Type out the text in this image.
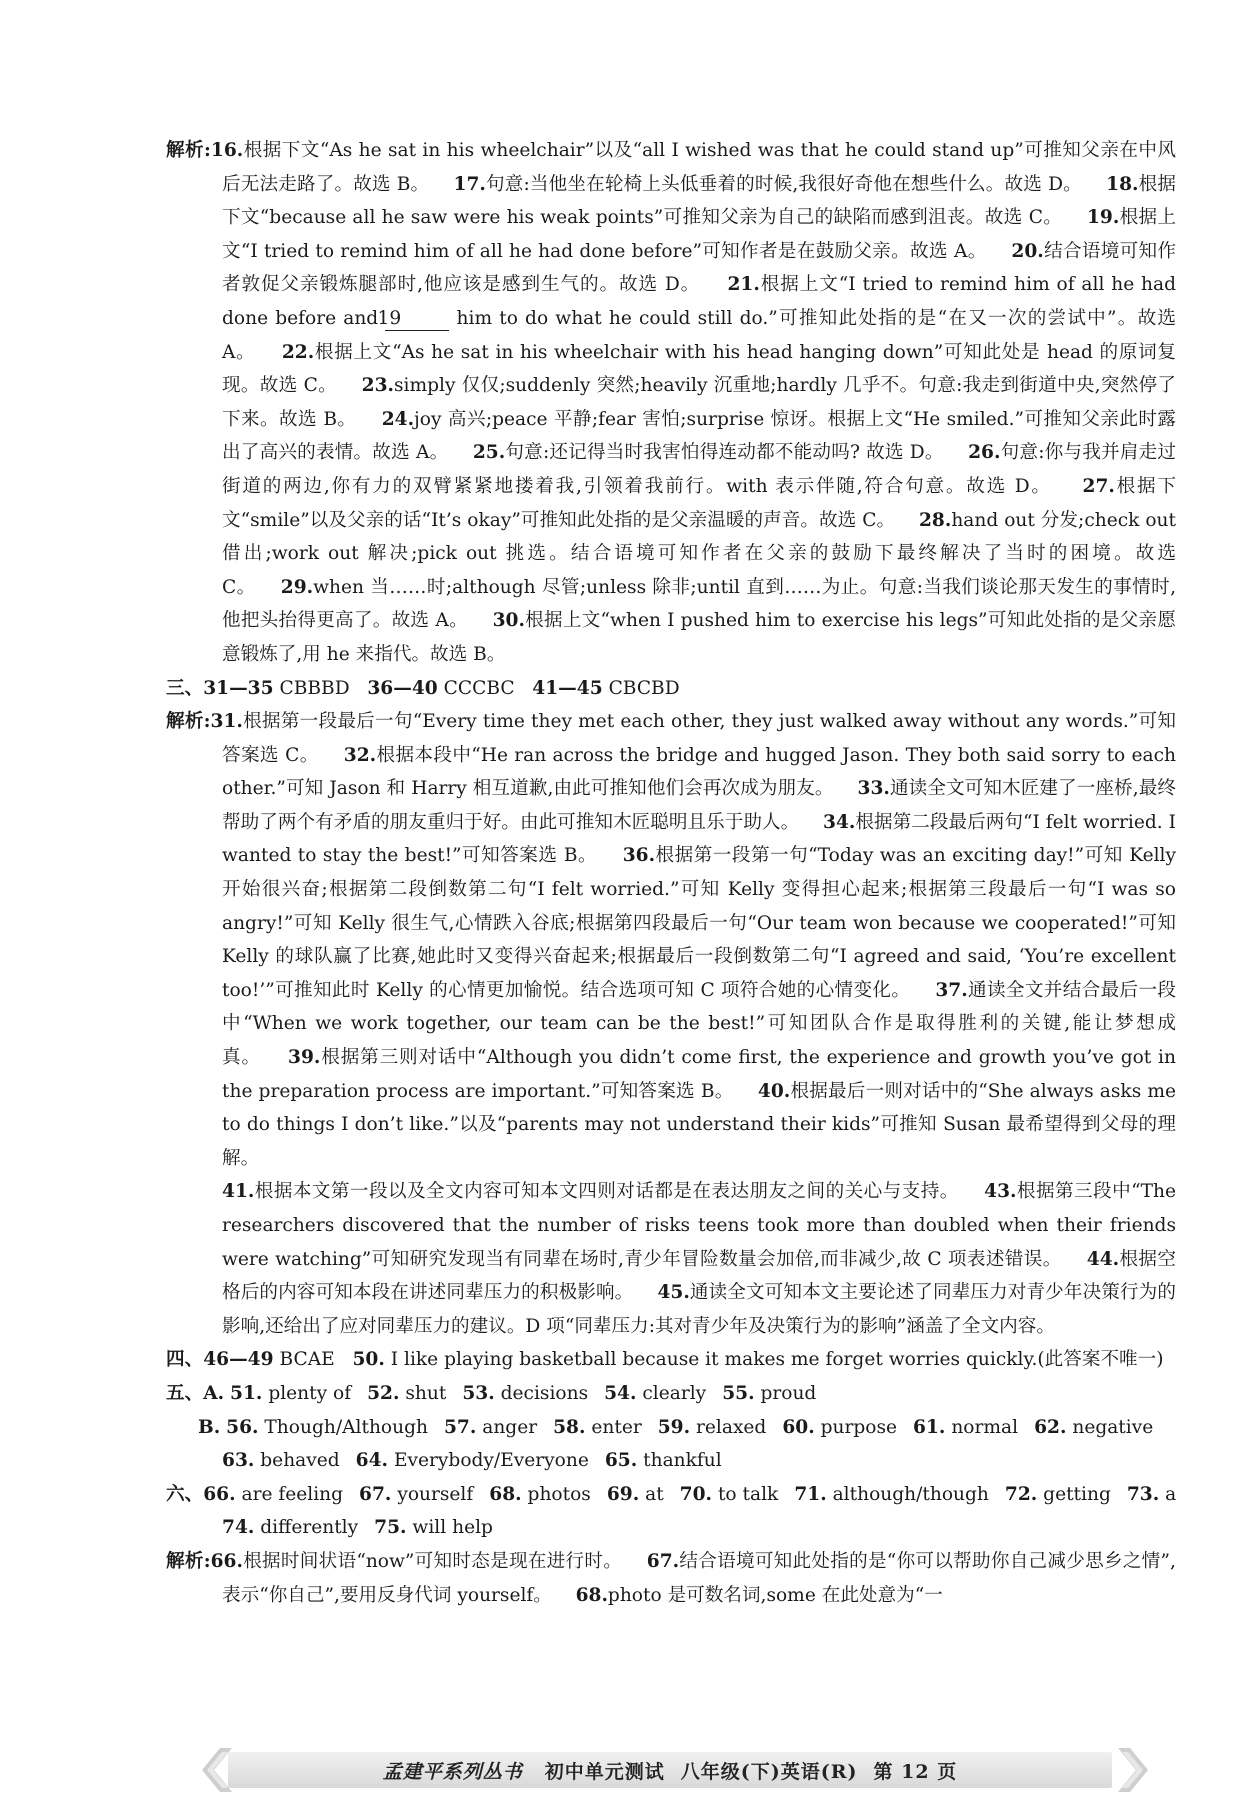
解析:16.根据下文“As he sat in his wheelchair”以及“all I wished was that he could stand up”可推知父亲在中风后无法走路了。故选 B。 17.句意:当他坐在轮椅上头低垂着的时候,我很好奇他在想些什么。故选 D。 18.根据下文“because all he saw were his weak points”可推知父亲为自己的缺陷而感到沮丧。故选 C。 19.根据上文“I tried to remind him of all he had done before”可知作者是在鼓励父亲。故选 A。 20.结合语境可知作者敦促父亲锻炼腿部时,他应该是感到生气的。故选 D。 21.根据上文“I tried to remind him of all he had done before and 19	him to do what he could still do.”可推知此处指的是“在又一次的尝试中”。故选 A。 22.根据上文“As he sat in his wheelchair with his head hanging down”可知此处是 head 的原词复现。故选 C。 23.simply 仅仅;suddenly 突然;heavily 沉重地;hardly 几乎不。句意:我走到街道中央,突然停了下来。故选 B。 24.joy 高兴;peace 平静;fear 害怕;surprise 惊讶。根据上文“He smiled.”可推知父亲此时露出了高兴的表情。故选 A。 25.句意:还记得当时我害怕得连动都不能动吗? 故选 D。 26.句意:你与我并肩走过街道的两边,你有力的双臂紧紧地搂着我,引领着我前行。with 表示伴随,符合句意。故选 D。 27.根据下文“smile”以及父亲的话“It’s okay”可推知此处指的是父亲温暖的声音。故选 C。 28.hand out 分发;check out 借出;work out 解决;pick out 挑选。结合语境可知作者在父亲的鼓励下最终解决了当时的困境。故选 C。 29.when 当……时;although 尽管;unless 除非;until 直到……为止。句意:当我们谈论那天发生的事情时,他把头抬得更高了。故选 A。 30.根据上文“when I pushed him to exercise his legs”可知此处指的是父亲愿意锻炼了,用 he 来指代。故选 B。

三、31—35 CBBBD 36—40 CCCBC 41—45 CBCBD

解析:31.根据第一段最后一句“Every time they met each other, they just walked away without any words.”可知答案选 C。 32.根据本段中“He ran across the bridge and hugged Jason. They both said sorry to each other.”可知 Jason 和 Harry 相互道歉,由此可推知他们会再次成为朋友。 33.通读全文可知木匠建了一座桥,最终帮助了两个有矛盾的朋友重归于好。由此可推知木匠聪明且乐于助人。 34.根据第二段最后两句“I felt worried. I wanted to stay the best!”可知答案选 B。 36.根据第一段第一句“Today was an exciting day!”可知 Kelly 开始很兴奋;根据第二段倒数第二句“I felt worried.”可知 Kelly 变得担心起来;根据第三段最后一句“I was so angry!”可知 Kelly 很生气,心情跌入谷底;根据第四段最后一句“Our team won because we cooperated!”可知 Kelly 的球队赢了比赛,她此时又变得兴奋起来;根据最后一段倒数第二句“I agreed and said, ‘You’re excellent too!’”可推知此时 Kelly 的心情更加愉悦。结合选项可知 C 项符合她的心情变化。 37.通读全文并结合最后一段中“When we work together, our team can be the best!”可知团队合作是取得胜利的关键,能让梦想成真。 39.根据第三则对话中“Although you didn’t come first, the experience and growth you’ve got in the preparation process are important.”可知答案选 B。 40.根据最后一则对话中的“She always asks me to do things I don’t like.”以及“parents may not understand their kids”可推知 Susan 最希望得到父母的理解。

41.根据本文第一段以及全文内容可知本文四则对话都是在表达朋友之间的关心与支持。 43.根据第三段中“The researchers discovered that the number of risks teens took more than doubled when their friends were watching”可知研究发现当有同辈在场时,青少年冒险数量会加倍,而非减少,故 C 项表述错误。 44.根据空格后的内容可知本段在讲述同辈压力的积极影响。 45.通读全文可知本文主要论述了同辈压力对青少年决策行为的影响,还给出了应对同辈压力的建议。D 项“同辈压力:其对青少年及决策行为的影响”涵盖了全文内容。

四、46—49 BCAE 50. I like playing basketball because it makes me forget worries quickly.(此答案不唯一)

五、A. 51. plenty of 52. shut 53. decisions 54. clearly 55. proud

B. 56. Though/Although 57. anger 58. enter 59. relaxed 60. purpose 61. normal 62. negative

63. behaved 64. Everybody/Everyone 65. thankful

六、66. are feeling 67. yourself 68. photos 69. at 70. to talk 71. although/though 72. getting 73. a

74. differently 75. will help

解析:66.根据时间状语“now”可知时态是现在进行时。 67.结合语境可知此处指的是“你可以帮助你自己减少思乡之情”,表示“你自己”,要用反身代词 yourself。 68.photo 是可数名词,some 在此处意为“一

孟建平系列丛书 初中单元测试 八年级(下)英语(R) 第 12 页
